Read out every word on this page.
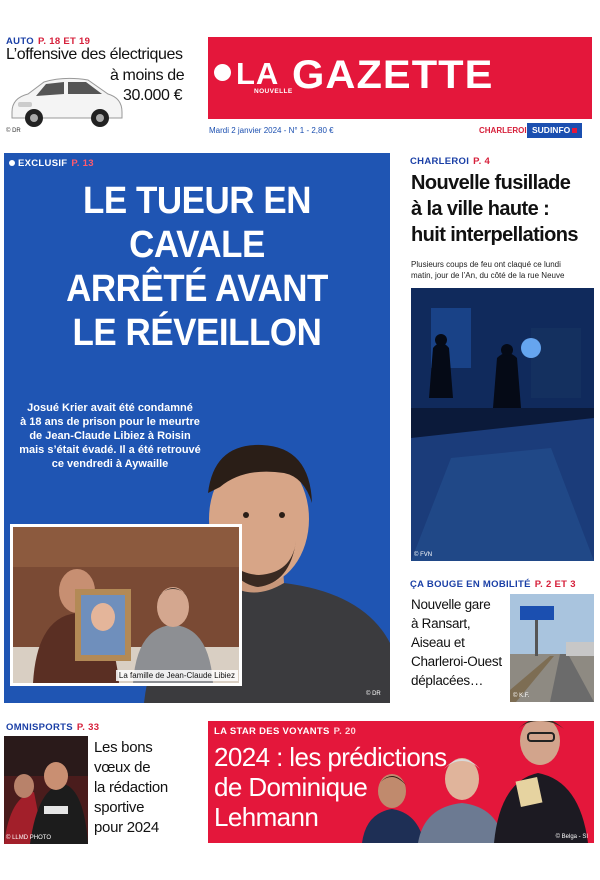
AUTO P. 18 ET 19
L’offensive des électriques
à moins de
30.000 €
© DR
LA
NOUVELLE GAZETTE
Mardi 2 janvier 2024 - N° 1 - 2,80 €	CHARLEROI SUDINFO
EXCLUSIF P. 13
LE TUEUR EN CAVALE
ARRÊTÉ AVANT
LE RÉVEILLON
Josué Krier avait été condamné
à 18 ans de prison pour le meurtre
de Jean-Claude Libiez à Roisin
mais s’était évadé. Il a été retrouvé
ce vendredi à Aywaille
La famille de Jean-Claude Libiez
© DR
CHARLEROI P. 4
Nouvelle fusillade
à la ville haute :
huit interpellations
Plusieurs coups de feu ont claqué ce lundi
matin, jour de l’An, du côté de la rue Neuve
© FVN
ÇA BOUGE EN MOBILITÉ P. 2 ET 3
Nouvelle gare
à Ransart,
Aiseau et
Charleroi-Ouest
déplacées…
© K.F.
OMNISPORTS P. 33
© LLMD PHOTO
Les bons
vœux de
la rédaction
sportive
pour 2024
LA STAR DES VOYANTS P. 20
2024 : les prédictions
de Dominique
Lehmann
© Belga - SI
